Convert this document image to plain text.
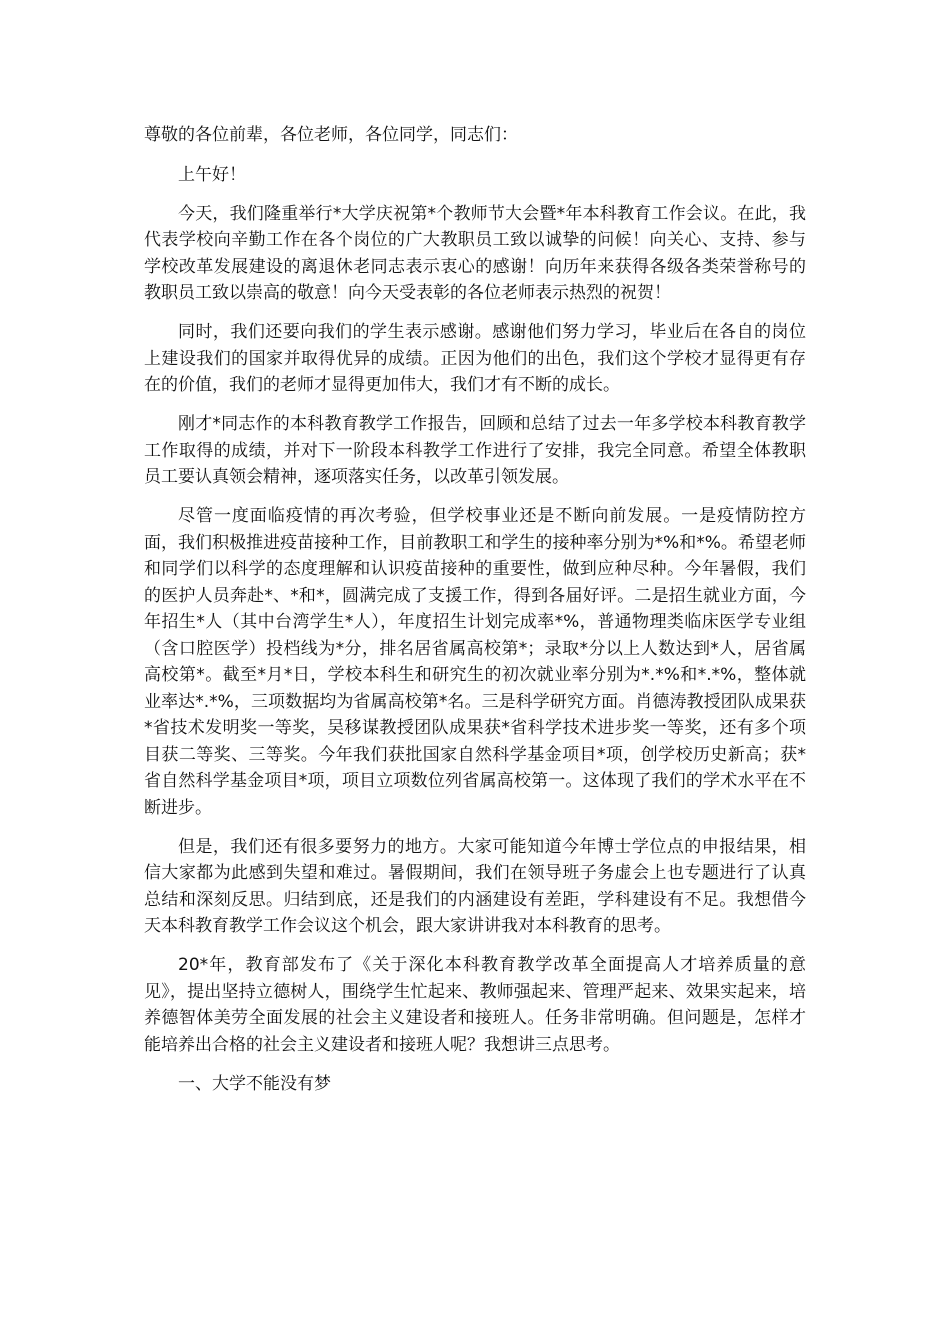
尊敬的各位前辈，各位老师，各位同学，同志们：

上午好！

今天，我们隆重举行*大学庆祝第*个教师节大会暨*年本科教育工作会议。在此，我代表学校向辛勤工作在各个岗位的广大教职员工致以诚挚的问候！向关心、支持、参与学校改革发展建设的离退休老同志表示衷心的感谢！向历年来获得各级各类荣誉称号的教职员工致以崇高的敬意！向今天受表彰的各位老师表示热烈的祝贺！

同时，我们还要向我们的学生表示感谢。感谢他们努力学习，毕业后在各自的岗位上建设我们的国家并取得优异的成绩。正因为他们的出色，我们这个学校才显得更有存在的价值，我们的老师才显得更加伟大，我们才有不断的成长。

刚才*同志作的本科教育教学工作报告，回顾和总结了过去一年多学校本科教育教学工作取得的成绩，并对下一阶段本科教学工作进行了安排，我完全同意。希望全体教职员工要认真领会精神，逐项落实任务，以改革引领发展。

尽管一度面临疫情的再次考验，但学校事业还是不断向前发展。一是疫情防控方面，我们积极推进疫苗接种工作，目前教职工和学生的接种率分别为*%和*%。希望老师和同学们以科学的态度理解和认识疫苗接种的重要性，做到应种尽种。今年暑假，我们的医护人员奔赴*、*和*，圆满完成了支援工作，得到各届好评。二是招生就业方面，今年招生*人（其中台湾学生*人），年度招生计划完成率*%，普通物理类临床医学专业组（含口腔医学）投档线为*分，排名居省属高校第*；录取*分以上人数达到*人，居省属高校第*。截至*月*日，学校本科生和研究生的初次就业率分别为*.*%和*.*%，整体就业率达*.*%，三项数据均为省属高校第*名。三是科学研究方面。肖德涛教授团队成果获*省技术发明奖一等奖，吴移谋教授团队成果获*省科学技术进步奖一等奖，还有多个项目获二等奖、三等奖。今年我们获批国家自然科学基金项目*项，创学校历史新高；获*省自然科学基金项目*项，项目立项数位列省属高校第一。这体现了我们的学术水平在不断进步。

但是，我们还有很多要努力的地方。大家可能知道今年博士学位点的申报结果，相信大家都为此感到失望和难过。暑假期间，我们在领导班子务虚会上也专题进行了认真总结和深刻反思。归结到底，还是我们的内涵建设有差距，学科建设有不足。我想借今天本科教育教学工作会议这个机会，跟大家讲讲我对本科教育的思考。

20*年，教育部发布了《关于深化本科教育教学改革全面提高人才培养质量的意见》，提出坚持立德树人，围绕学生忙起来、教师强起来、管理严起来、效果实起来，培养德智体美劳全面发展的社会主义建设者和接班人。任务非常明确。但问题是，怎样才能培养出合格的社会主义建设者和接班人呢？我想讲三点思考。

一、大学不能没有梦
